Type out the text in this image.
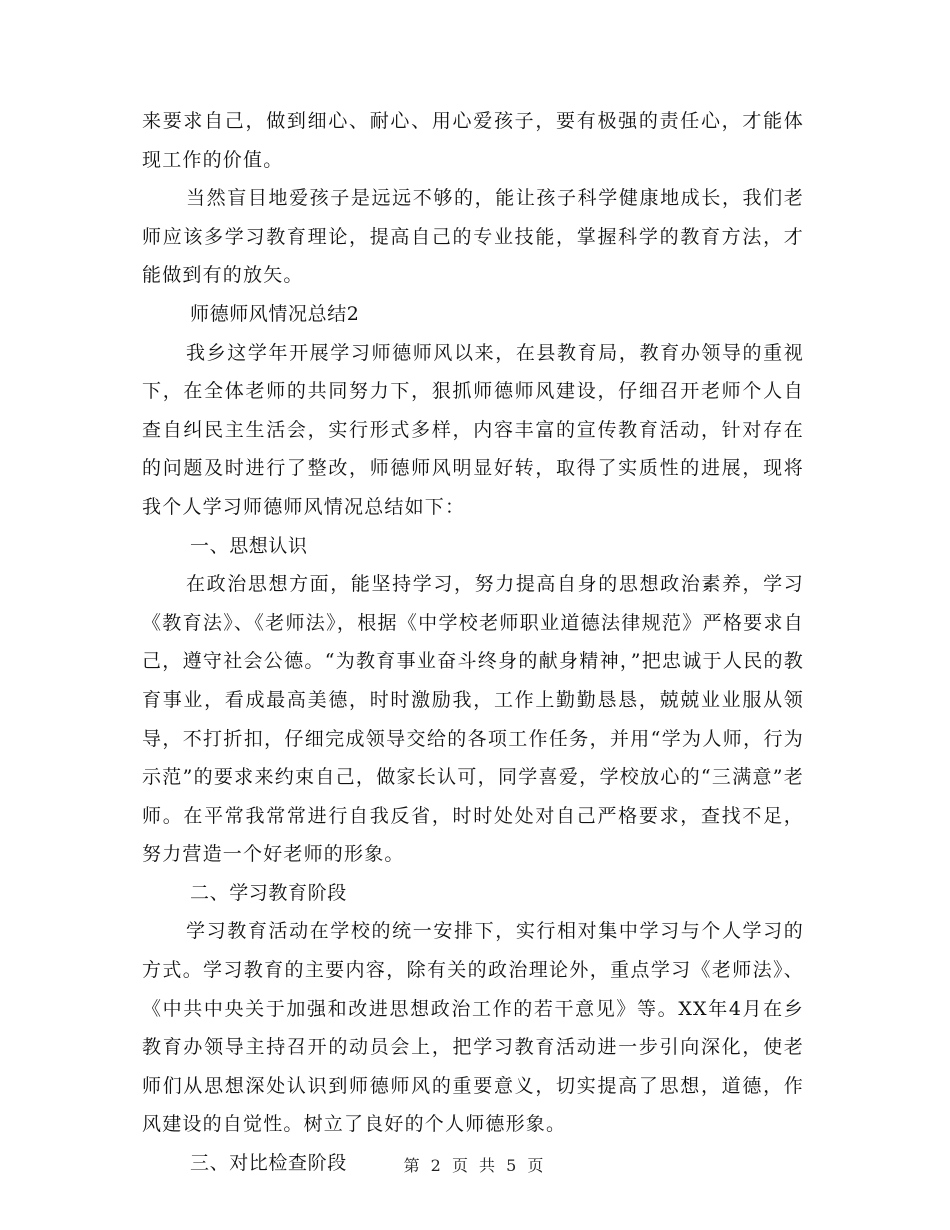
来要求自己，做到细心、耐心、用心爱孩子，要有极强的责任心，才能体现工作的价值。

当然盲目地爱孩子是远远不够的，能让孩子科学健康地成长，我们老师应该多学习教育理论，提高自己的专业技能，掌握科学的教育方法，才能做到有的放矢。

师德师风情况总结2

我乡这学年开展学习师德师风以来，在县教育局，教育办领导的重视下，在全体老师的共同努力下，狠抓师德师风建设，仔细召开老师个人自查自纠民主生活会，实行形式多样，内容丰富的宣传教育活动，针对存在的问题及时进行了整改，师德师风明显好转，取得了实质性的进展，现将我个人学习师德师风情况总结如下：

一、思想认识

在政治思想方面，能坚持学习，努力提高自身的思想政治素养，学习《教育法》、《老师法》，根据《中学校老师职业道德法律规范》严格要求自己，遵守社会公德。“为教育事业奋斗终身的献身精神，”把忠诚于人民的教育事业，看成最高美德，时时激励我，工作上勤勤恳恳，兢兢业业服从领导，不打折扣，仔细完成领导交给的各项工作任务，并用“学为人师，行为示范”的要求来约束自己，做家长认可，同学喜爱，学校放心的“三满意”老师。在平常我常常进行自我反省，时时处处对自己严格要求，查找不足，努力营造一个好老师的形象。

二、学习教育阶段

学习教育活动在学校的统一安排下，实行相对集中学习与个人学习的方式。学习教育的主要内容，除有关的政治理论外，重点学习《老师法》、《中共中央关于加强和改进思想政治工作的若干意见》等。XX年4月在乡教育办领导主持召开的动员会上，把学习教育活动进一步引向深化，使老师们从思想深处认识到师德师风的重要意义，切实提高了思想，道德，作风建设的自觉性。树立了良好的个人师德形象。

三、对比检查阶段	第 2 页 共 5 页
